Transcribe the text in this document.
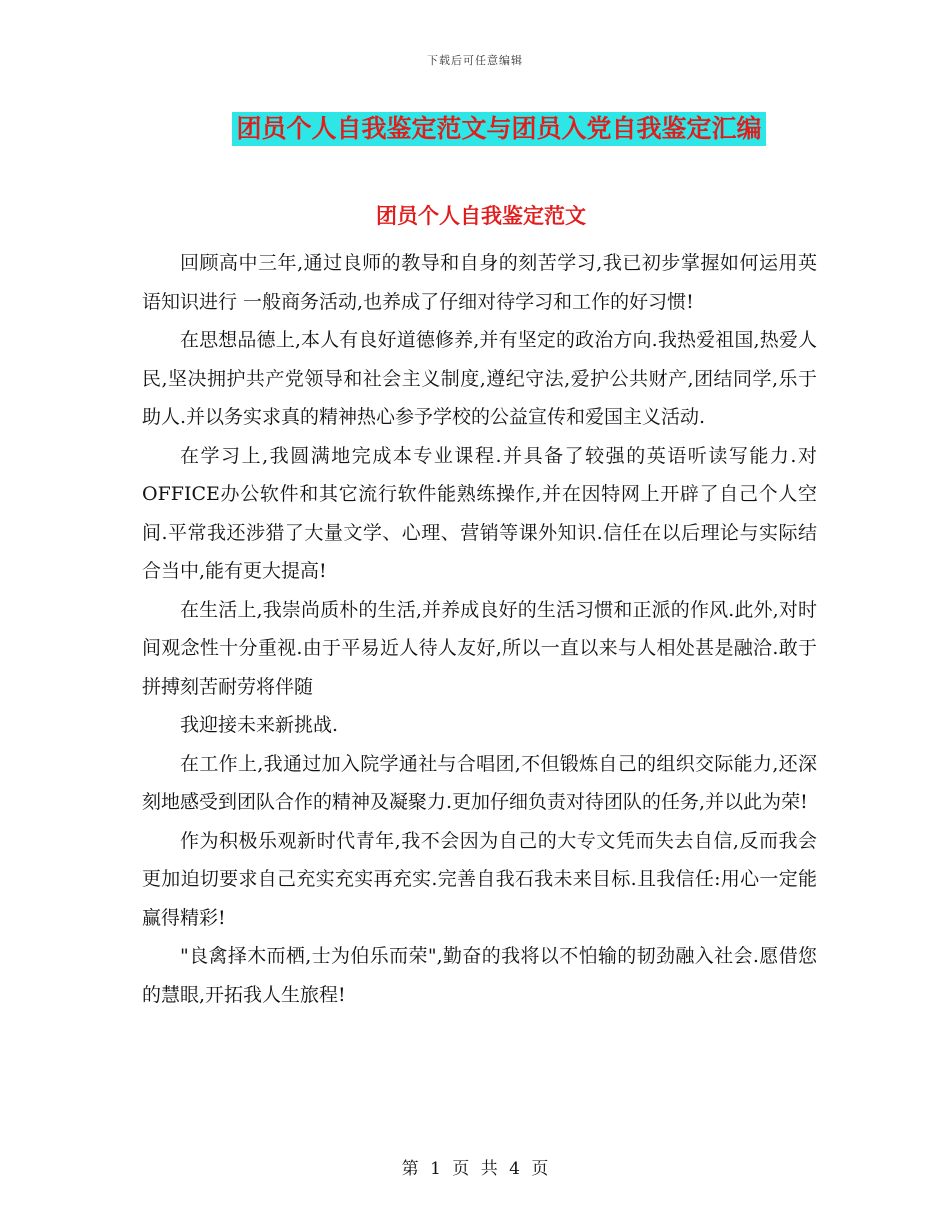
下载后可任意编辑
团员个人自我鉴定范文与团员入党自我鉴定汇编
团员个人自我鉴定范文

回顾高中三年,通过良师的教导和自身的刻苦学习,我已初步掌握如何运用英语知识进行 一般商务活动,也养成了仔细对待学习和工作的好习惯!

在思想品德上,本人有良好道德修养,并有坚定的政治方向.我热爱祖国,热爱人民,坚决拥护共产党领导和社会主义制度,遵纪守法,爱护公共财产,团结同学,乐于助人.并以务实求真的精神热心参予学校的公益宣传和爱国主义活动.

在学习上,我圆满地完成本专业课程.并具备了较强的英语听读写能力.对OFFICE办公软件和其它流行软件能熟练操作,并在因特网上开辟了自己个人空间.平常我还涉猎了大量文学、心理、营销等课外知识.信任在以后理论与实际结合当中,能有更大提高!

在生活上,我崇尚质朴的生活,并养成良好的生活习惯和正派的作风.此外,对时间观念性十分重视.由于平易近人待人友好,所以一直以来与人相处甚是融洽.敢于拼搏刻苦耐劳将伴随

我迎接未来新挑战.

在工作上,我通过加入院学通社与合唱团,不但锻炼自己的组织交际能力,还深刻地感受到团队合作的精神及凝聚力.更加仔细负责对待团队的任务,并以此为荣!

作为积极乐观新时代青年,我不会因为自己的大专文凭而失去自信,反而我会更加迫切要求自己充实充实再充实.完善自我石我未来目标.且我信任:用心一定能赢得精彩!

"良禽择木而栖,士为伯乐而荣",勤奋的我将以不怕输的韧劲融入社会.愿借您的慧眼,开拓我人生旅程!

第 1 页 共 4 页
